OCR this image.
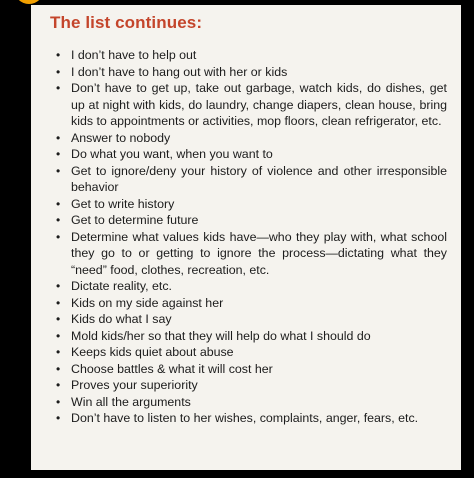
The list continues:
• I don’t have to help out
• I don’t have to hang out with her or kids
• Don’t have to get up, take out garbage, watch kids, do dishes, get up at night with kids, do laundry, change diapers, clean house, bring kids to appointments or activities, mop floors, clean refrigerator, etc.
• Answer to nobody
• Do what you want, when you want to
• Get to ignore/deny your history of violence and other irresponsible behavior
• Get to write history
• Get to determine future
• Determine what values kids have—who they play with, what school they go to or getting to ignore the process—dictating what they “need” food, clothes, recreation, etc.
• Dictate reality, etc.
• Kids on my side against her
• Kids do what I say
• Mold kids/her so that they will help do what I should do
• Keeps kids quiet about abuse
• Choose battles & what it will cost her
• Proves your superiority
• Win all the arguments
• Don’t have to listen to her wishes, complaints, anger, fears, etc.
